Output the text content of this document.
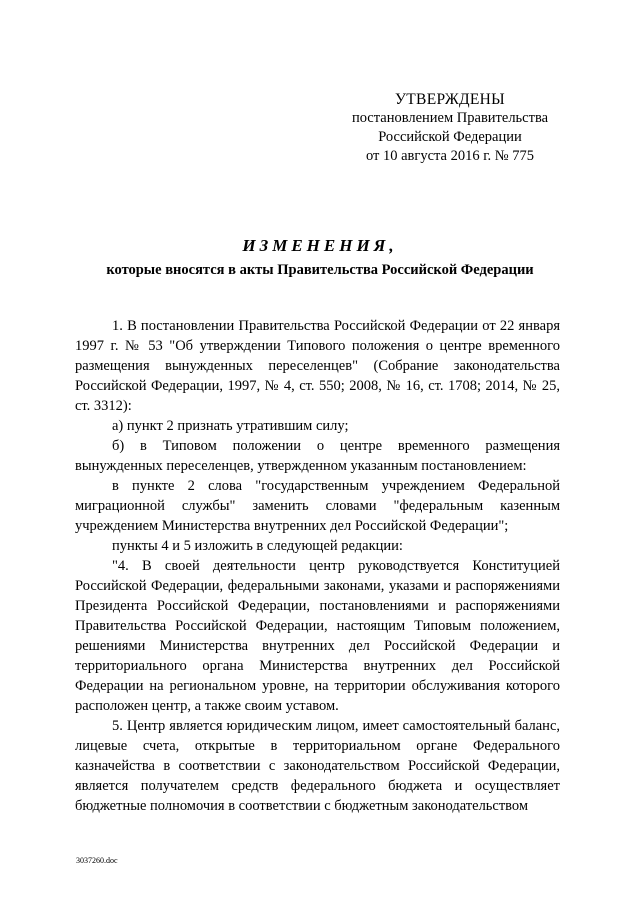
УТВЕРЖДЕНЫ
постановлением Правительства
Российской Федерации
от 10 августа 2016 г. № 775
ИЗМЕНЕНИЯ,
которые вносятся в акты Правительства Российской Федерации

1. В постановлении Правительства Российской Федерации от 22 января 1997 г. № 53 "Об утверждении Типового положения о центре временного размещения вынужденных переселенцев" (Собрание законодательства Российской Федерации, 1997, № 4, ст. 550; 2008, № 16, ст. 1708; 2014, № 25, ст. 3312):

а) пункт 2 признать утратившим силу;

б) в Типовом положении о центре временного размещения вынужденных переселенцев, утвержденном указанным постановлением:

в пункте 2 слова "государственным учреждением Федеральной миграционной службы" заменить словами "федеральным казенным учреждением Министерства внутренних дел Российской Федерации";

пункты 4 и 5 изложить в следующей редакции:

"4. В своей деятельности центр руководствуется Конституцией Российской Федерации, федеральными законами, указами и распоряжениями Президента Российской Федерации, постановлениями и распоряжениями Правительства Российской Федерации, настоящим Типовым положением, решениями Министерства внутренних дел Российской Федерации и территориального органа Министерства внутренних дел Российской Федерации на региональном уровне, на территории обслуживания которого расположен центр, а также своим уставом.

5. Центр является юридическим лицом, имеет самостоятельный баланс, лицевые счета, открытые в территориальном органе Федерального казначейства в соответствии с законодательством Российской Федерации, является получателем средств федерального бюджета и осуществляет бюджетные полномочия в соответствии с бюджетным законодательством

3037260.doc
